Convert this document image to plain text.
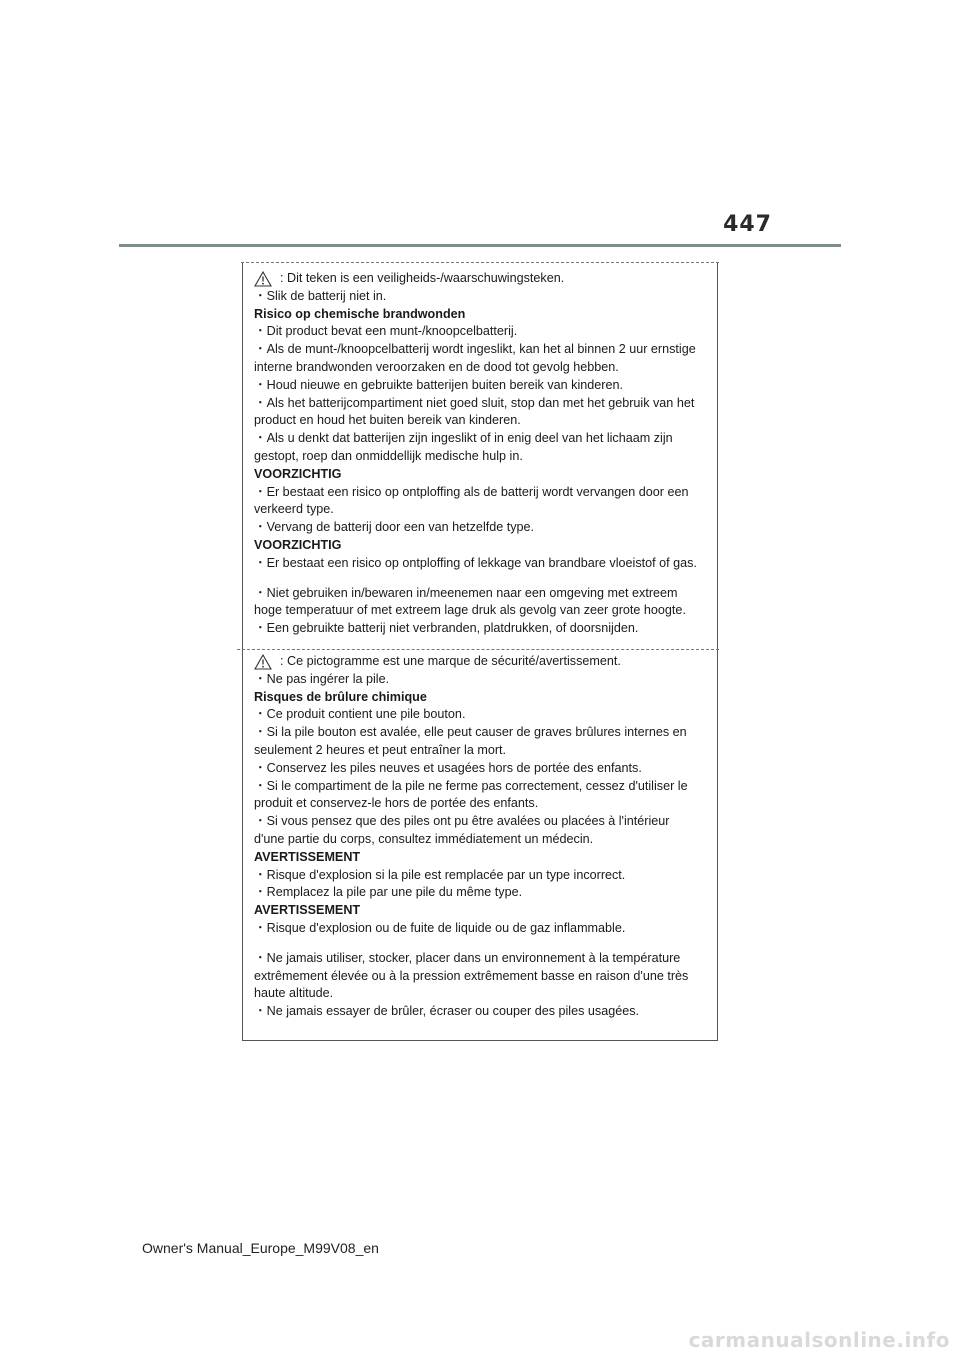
447
: Dit teken is een veiligheids-/waarschuwingsteken.

・Slik de batterij niet in.

Risico op chemische brandwonden

・Dit product bevat een munt-/knoopcelbatterij.

・Als de munt-/knoopcelbatterij wordt ingeslikt, kan het al binnen 2 uur ernstige

interne brandwonden veroorzaken en de dood tot gevolg hebben.

・Houd nieuwe en gebruikte batterijen buiten bereik van kinderen.

・Als het batterijcompartiment niet goed sluit, stop dan met het gebruik van het

product en houd het buiten bereik van kinderen.

・Als u denkt dat batterijen zijn ingeslikt of in enig deel van het lichaam zijn

gestopt, roep dan onmiddellijk medische hulp in.

VOORZICHTIG

・Er bestaat een risico op ontploffing als de batterij wordt vervangen door een

verkeerd type.

・Vervang de batterij door een van hetzelfde type.

VOORZICHTIG

・Er bestaat een risico op ontploffing of lekkage van brandbare vloeistof of gas.

・Niet gebruiken in/bewaren in/meenemen naar een omgeving met extreem

hoge temperatuur of met extreem lage druk als gevolg van zeer grote hoogte.

・Een gebruikte batterij niet verbranden, platdrukken, of doorsnijden.

: Ce pictogramme est une marque de sécurité/avertissement.

・Ne pas ingérer la pile.

Risques de brûlure chimique

・Ce produit contient une pile bouton.

・Si la pile bouton est avalée, elle peut causer de graves brûlures internes en

seulement 2 heures et peut entraîner la mort.

・Conservez les piles neuves et usagées hors de portée des enfants.

・Si le compartiment de la pile ne ferme pas correctement, cessez d'utiliser le

produit et conservez-le hors de portée des enfants.

・Si vous pensez que des piles ont pu être avalées ou placées à l'intérieur

d'une partie du corps, consultez immédiatement un médecin.

AVERTISSEMENT

・Risque d'explosion si la pile est remplacée par un type incorrect.

・Remplacez la pile par une pile du même type.

AVERTISSEMENT

・Risque d'explosion ou de fuite de liquide ou de gaz inflammable.

・Ne jamais utiliser, stocker, placer dans un environnement à la température

extrêmement élevée ou à la pression extrêmement basse en raison d'une très

haute altitude.

・Ne jamais essayer de brûler, écraser ou couper des piles usagées.

Owner's Manual_Europe_M99V08_en
carmanualsonline.info
